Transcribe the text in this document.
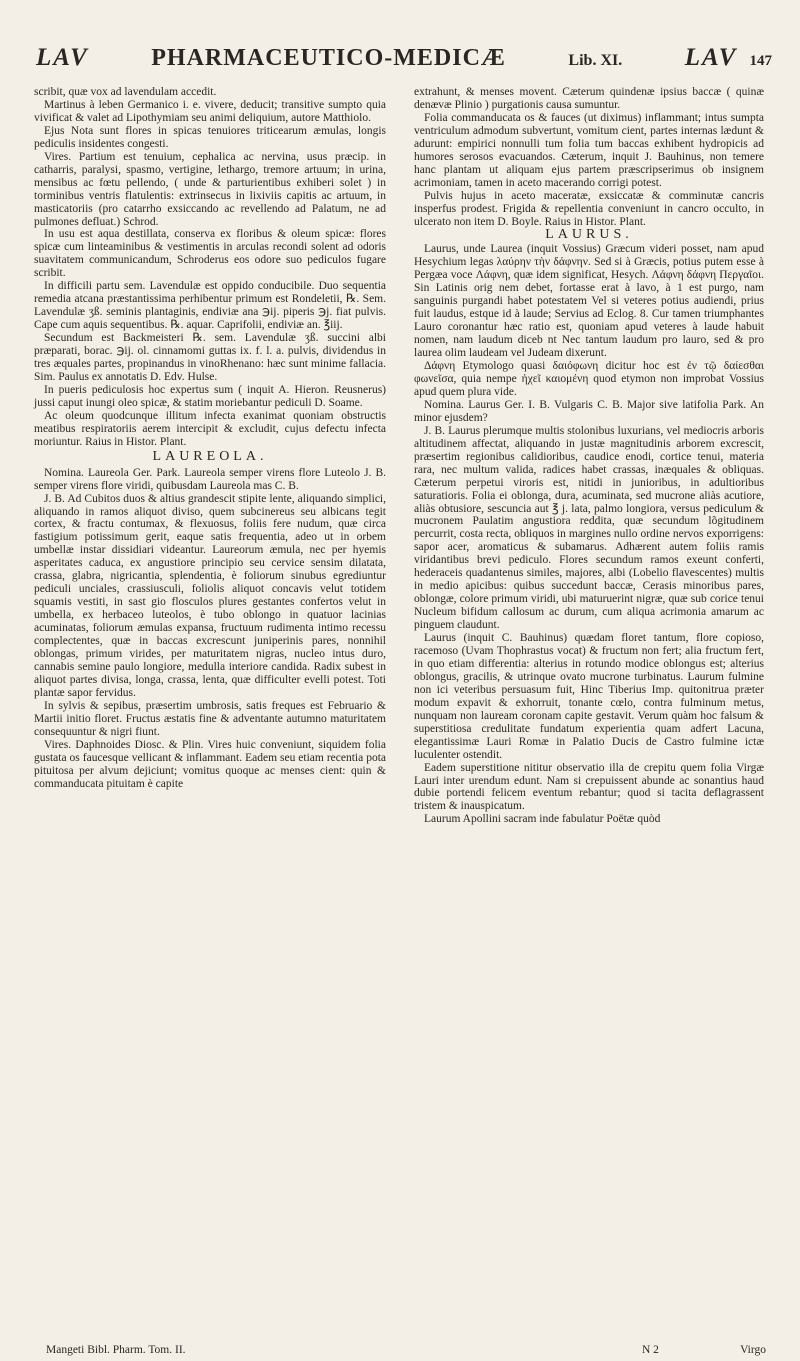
LAV	PHARMACEUTICO-MEDICÆ	Lib. XI.	LAV 147

scribit, quæ vox ad lavendulam accedit.

Martinus à leben Germanico i. e. vivere, deducit; transitive sumpto quia vivificat & valet ad Lipothymiam seu animi deliquium, autore Matthiolo.

Ejus Nota sunt flores in spicas tenuiores triticearum æmulas, longis pediculis insidentes congesti.

Vires. Partium est tenuium, cephalica ac nervina, usus præcip. in catharris, paralysi, spasmo, vertigine, lethargo, tremore artuum; in urina, mensibus ac fœtu pellendo, ( unde & parturientibus exhiberi solet ) in torminibus ventris flatulentis: extrinsecus in lixiviis capitis ac artuum, in masticatoriis (pro catarrho exsiccando ac revellendo ad Palatum, ne ad pulmones defluat.) Schrod.

In usu est aqua destillata, conserva ex floribus & oleum spicæ: flores spicæ cum linteaminibus & vestimentis in arculas recondi solent ad odoris suavitatem communicandum, Schroderus eos odore suo pediculos fugare scribit.

In difficili partu sem. Lavendulæ est oppido conducibile. Duo sequentia remedia atcana præstantissima perhibentur primum est Rondeletii, ℞. Sem. Lavendulæ ʒß. seminis plantaginis, endiviæ ana ℈ij. piperis ℈j. fiat pulvis. Cape cum aquis sequentibus. ℞. aquar. Caprifolii, endiviæ an. ℥iij.

Secundum est Backmeisteri ℞. sem. Lavendulæ ʒß. succini albi præparati, borac. ℈ij. ol. cinnamomi guttas ix. f. l. a. pulvis, dividendus in tres æquales partes, propinandus in vinoRhenano: hæc sunt minime fallacia. Sim. Paulus ex annotatis D. Edv. Hulse.

In pueris pediculosis hoc expertus sum ( inquit A. Hieron. Reusnerus) jussi caput inungi oleo spicæ, & statim moriebantur pediculi D. Soame.

Ac oleum quodcunque illitum infecta exanimat quoniam obstructis meatibus respiratoriis aerem intercipit & excludit, cujus defectu infecta moriuntur. Raius in Histor. Plant.

LAUREOLA.

Nomina. Laureola Ger. Park. Laureola semper virens flore Luteolo J. B. semper virens flore viridi, quibusdam Laureola mas C. B.

J. B. Ad Cubitos duos & altius grandescit stipite lente, aliquando simplici, aliquando in ramos aliquot diviso, quem subcinereus seu albicans tegit cortex, & fractu contumax, & flexuosus, foliis fere nudum, quæ circa fastigium potissimum gerit, eaque satis frequentia, adeo ut in orbem umbellæ instar dissidiari videantur. Laureorum æmula, nec per hyemis asperitates caduca, ex angustiore principio seu cervice sensim dilatata, crassa, glabra, nigricantia, splendentia, è foliorum sinubus egrediuntur pediculi unciales, crassiusculi, foliolis aliquot concavis velut totidem squamis vestiti, in sast gio flosculos plures gestantes confertos velut in umbella, ex herbaceo luteolos, è tubo oblongo in quatuor lacinias acuminatas, foliorum æmulas expansa, fructuum rudimenta intimo recessu complectentes, quæ in baccas excrescunt juniperinis pares, nonnihil oblongas, primum virides, per maturitatem nigras, nucleo intus duro, cannabis semine paulo longiore, medulla interiore candida. Radix subest in aliquot partes divisa, longa, crassa, lenta, quæ difficulter evelli potest. Toti plantæ sapor fervidus.

In sylvis & sepibus, præsertim umbrosis, satis freques est Februario & Martii initio floret. Fructus æstatis fine & adventante autumno maturitatem consequuntur & nigri fiunt.

Vires. Daphnoides Diosc. & Plin. Vires huic conveniunt, siquidem folia gustata os faucesque vellicant & inflammant. Eadem seu etiam recentia pota pituitosa per alvum dejiciunt; vomitus quoque ac menses cient: quin & commanducata pituitam è capite

extrahunt, & menses movent. Cæterum quindenæ ipsius baccæ ( quinæ denævæ Plinio ) purgationis causa sumuntur.

Folia commanducata os & fauces (ut diximus) inflammant; intus sumpta ventriculum admodum subvertunt, vomitum cient, partes internas lædunt & adurunt: empirici nonnulli tum folia tum baccas exhibent hydropicis ad humores serosos evacuandos. Cæterum, inquit J. Bauhinus, non temere hanc plantam ut aliquam ejus partem præscripserimus ob insignem acrimoniam, tamen in aceto macerando corrigi potest.

Pulvis hujus in aceto maceratæ, exsiccatæ & comminutæ cancris insperfus prodest. Frigida & repellentia conveniunt in cancro occulto, in ulcerato non item D. Boyle. Raius in Histor. Plant.

LAURUS.

Laurus, unde Laurea (inquit Vossius) Græcum videri posset, nam apud Hesychium legas λαύρην τὴν δάφνην. Sed si à Græcis, potius putem esse à Pergæa voce Λάφνη, quæ idem significat, Hesych. Λάφνη δάφνη Περγαῖοι. Sin Latinis orig nem debet, fortasse erat à lavo, à 1 est purgo, nam sanguinis purgandi habet potestatem Vel si veteres potius audiendi, prius fuit laudus, estque id à laude; Servius ad Eclog. 8. Cur tamen triumphantes Lauro coronantur hæc ratio est, quoniam apud veteres à laude habuit nomen, nam laudum diceb nt Nec tantum laudum pro lauro, sed & pro laurea olim laudeam vel Judeam dixerunt.

Δάφνη Etymologo quasi δαιόφωνη dicitur hoc est ἐν τῷ δαίεσθαι φωνεῖσα, quia nempe ἠχεῖ καιομένη quod etymon non improbat Vossius apud quem plura vide.

Nomina. Laurus Ger. I. B. Vulgaris C. B. Major sive latifolia Park. An minor ejusdem?

J. B. Laurus plerumque multis stolonibus luxurians, vel mediocris arboris altitudinem affectat, aliquando in justæ magnitudinis arborem excrescit, præsertim regionibus calidioribus, caudice enodi, cortice tenui, materia rara, nec multum valida, radices habet crassas, inæquales & obliquas. Cæterum perpetui viroris est, nitidi in junioribus, in adultioribus saturatioris. Folia ei oblonga, dura, acuminata, sed mucrone aliàs acutiore, aliàs obtusiore, sescuncia aut ℥ j. lata, palmo longiora, versus pediculum & mucronem Paulatim angustiora reddita, quæ secundum lõgitudinem percurrit, costa recta, obliquos in margines nullo ordine nervos exporrigens: sapor acer, aromaticus & subamarus. Adhærent autem foliis ramis viridantibus brevi pediculo. Flores secundum ramos exeunt conferti, hederaceis quadantenus similes, majores, albi (Lobelio flavescentes) multis in medio apicibus: quibus succedunt baccæ, Cerasis minoribus pares, oblongæ, colore primum viridi, ubi maturuerint nigræ, quæ sub corice tenui Nucleum bifidum callosum ac durum, cum aliqua acrimonia amarum ac pinguem claudunt.

Laurus (inquit C. Bauhinus) quædam floret tantum, flore copioso, racemoso (Uvam Thophrastus vocat) & fructum non fert; alia fructum fert, in quo etiam differentia: alterius in rotundo modice oblongus est; alterius oblongus, gracilis, & utrinque ovato mucrone turbinatus. Laurum fulmine non ici veteribus persuasum fuit, Hinc Tiberius Imp. quitonitrua præter modum expavit & exhorruit, tonante cœlo, contra fulminum metus, nunquam non lauream coronam capite gestavit. Verum quàm hoc falsum & superstitiosa credulitate fundatum experientia quam adfert Lacuna, elegantissimæ Lauri Romæ in Palatio Ducis de Castro fulmine ictæ luculenter ostendit.

Eadem superstitione nititur observatio illa de crepitu quem folia Virgæ Lauri inter urendum edunt. Nam si crepuissent abunde ac sonantius haud dubie portendi felicem eventum rebantur; quod si tacita deflagrassent tristem & inauspicatum.

Laurum Apollini sacram inde fabulatur Poëtæ quòd

Mangeti Bibl. Pharm. Tom. II.	N 2	Virgo
